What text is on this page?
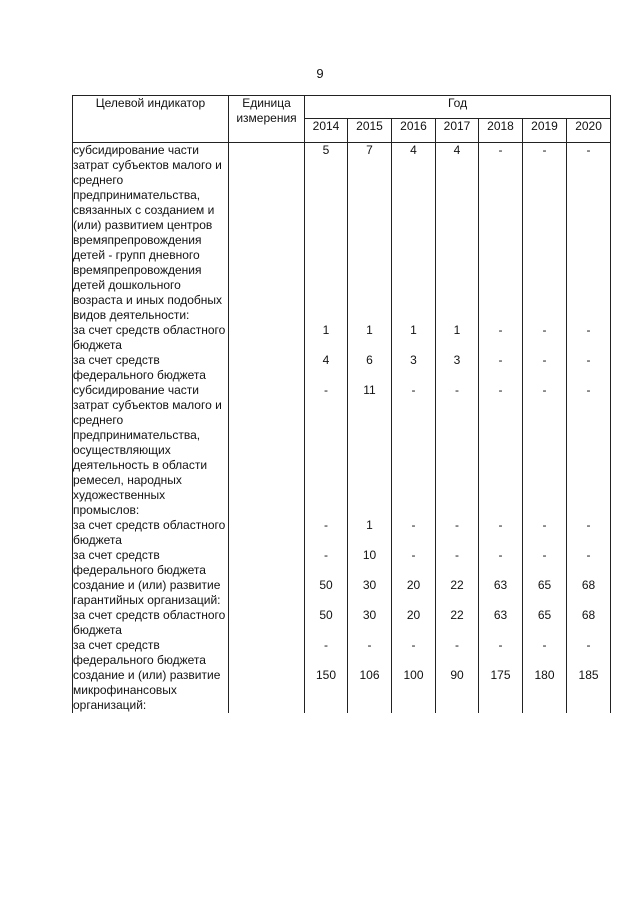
9
Целевой индикатор	Единица измерения	Год						
		2014	2015	2016	2017	2018	2019	2020
субсидирование части затрат субъектов малого и среднего предпринимательства, связанных с созданием и (или) развитием центров времяпрепровождения детей - групп дневного времяпрепровождения детей дошкольного возраста и иных подобных видов деятельности:		5	7	4	4	-	-	-
за счет средств областного бюджета		1	1	1	1	-	-	-
за счет средств федерального бюджета		4	6	3	3	-	-	-
субсидирование части затрат субъектов малого и среднего предпринимательства, осуществляющих деятельность в области ремесел, народных художественных промыслов:		-	11	-	-	-	-	-
за счет средств областного бюджета		-	1	-	-	-	-	-
за счет средств федерального бюджета		-	10	-	-	-	-	-
создание и (или) развитие гарантийных организаций:		50	30	20	22	63	65	68
за счет средств областного бюджета		50	30	20	22	63	65	68
за счет средств федерального бюджета		-	-	-	-	-	-	-
создание и (или) развитие микрофинансовых организаций:		150	106	100	90	175	180	185
